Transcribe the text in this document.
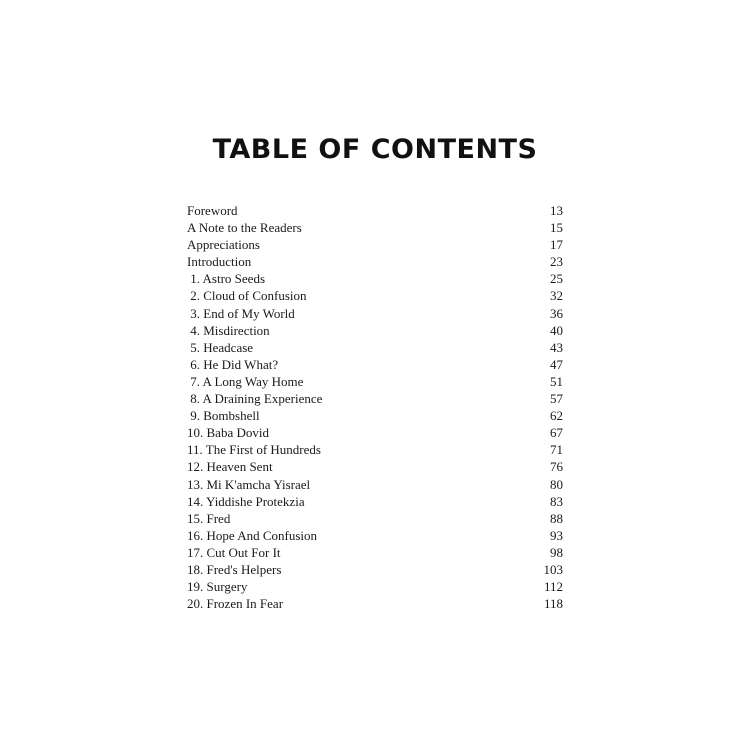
TABLE OF CONTENTS
Foreword	13
A Note to the Readers	15
Appreciations	17
Introduction	23
1. Astro Seeds	25
2. Cloud of Confusion	32
3. End of My World	36
4. Misdirection	40
5. Headcase	43
6. He Did What?	47
7. A Long Way Home	51
8. A Draining Experience	57
9. Bombshell	62
10. Baba Dovid	67
11. The First of Hundreds	71
12. Heaven Sent	76
13. Mi K'amcha Yisrael	80
14. Yiddishe Protekzia	83
15. Fred	88
16. Hope And Confusion	93
17. Cut Out For It	98
18. Fred's Helpers	103
19. Surgery	112
20. Frozen In Fear	118
